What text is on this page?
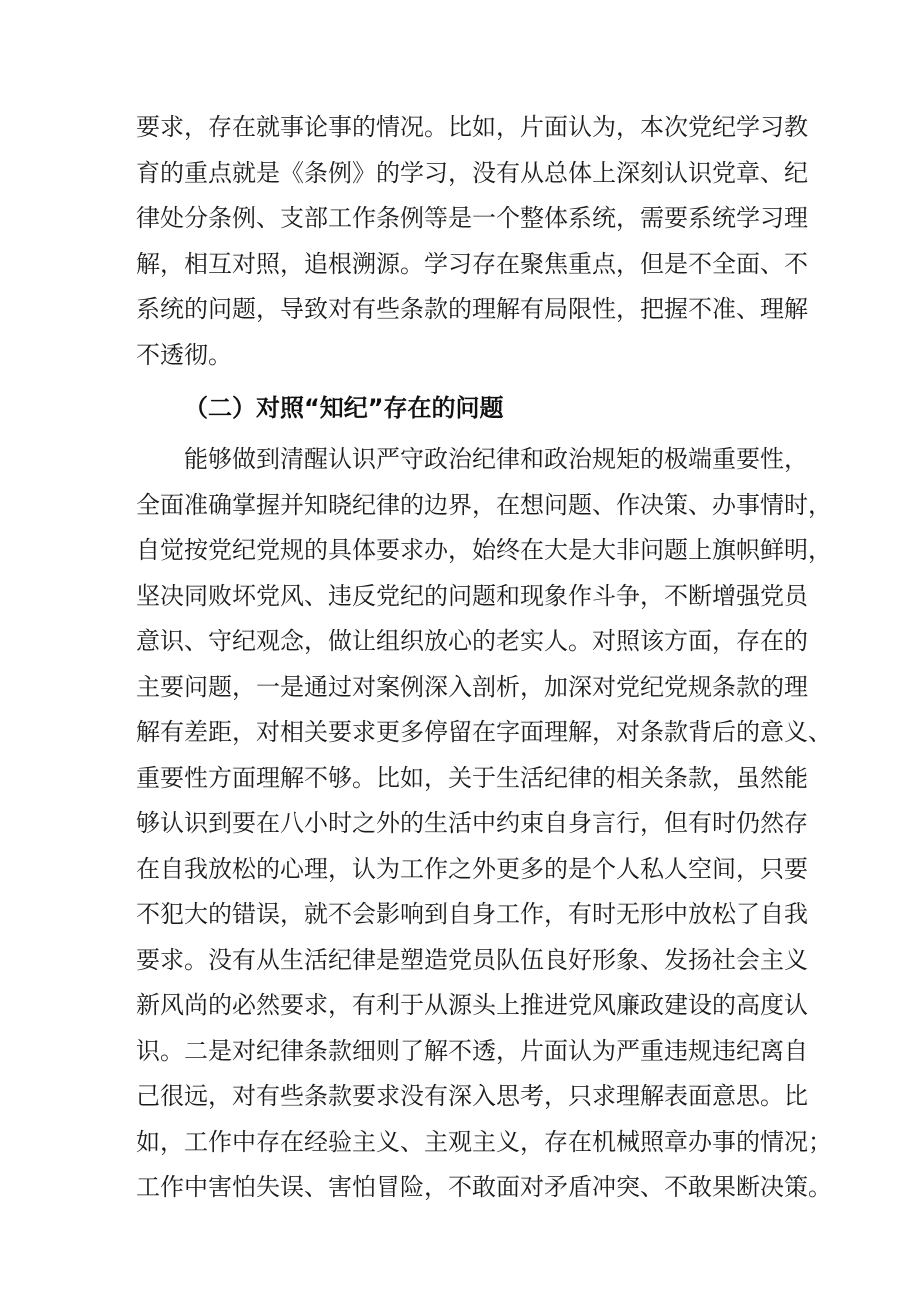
要求，存在就事论事的情况。比如，片面认为，本次党纪学习教
育的重点就是《条例》的学习，没有从总体上深刻认识党章、纪
律处分条例、支部工作条例等是一个整体系统，需要系统学习理
解，相互对照，追根溯源。学习存在聚焦重点，但是不全面、不
系统的问题，导致对有些条款的理解有局限性，把握不准、理解
不透彻。
（二）对照“知纪”存在的问题
能够做到清醒认识严守政治纪律和政治规矩的极端重要性，
全面准确掌握并知晓纪律的边界，在想问题、作决策、办事情时，
自觉按党纪党规的具体要求办，始终在大是大非问题上旗帜鲜明，
坚决同败坏党风、违反党纪的问题和现象作斗争，不断增强党员
意识、守纪观念，做让组织放心的老实人。对照该方面，存在的
主要问题，一是通过对案例深入剖析，加深对党纪党规条款的理
解有差距，对相关要求更多停留在字面理解，对条款背后的意义、
重要性方面理解不够。比如，关于生活纪律的相关条款，虽然能
够认识到要在八小时之外的生活中约束自身言行，但有时仍然存
在自我放松的心理，认为工作之外更多的是个人私人空间，只要
不犯大的错误，就不会影响到自身工作，有时无形中放松了自我
要求。没有从生活纪律是塑造党员队伍良好形象、发扬社会主义
新风尚的必然要求，有利于从源头上推进党风廉政建设的高度认
识。二是对纪律条款细则了解不透，片面认为严重违规违纪离自
己很远，对有些条款要求没有深入思考，只求理解表面意思。比
如，工作中存在经验主义、主观主义，存在机械照章办事的情况；
工作中害怕失误、害怕冒险，不敢面对矛盾冲突、不敢果断决策。
